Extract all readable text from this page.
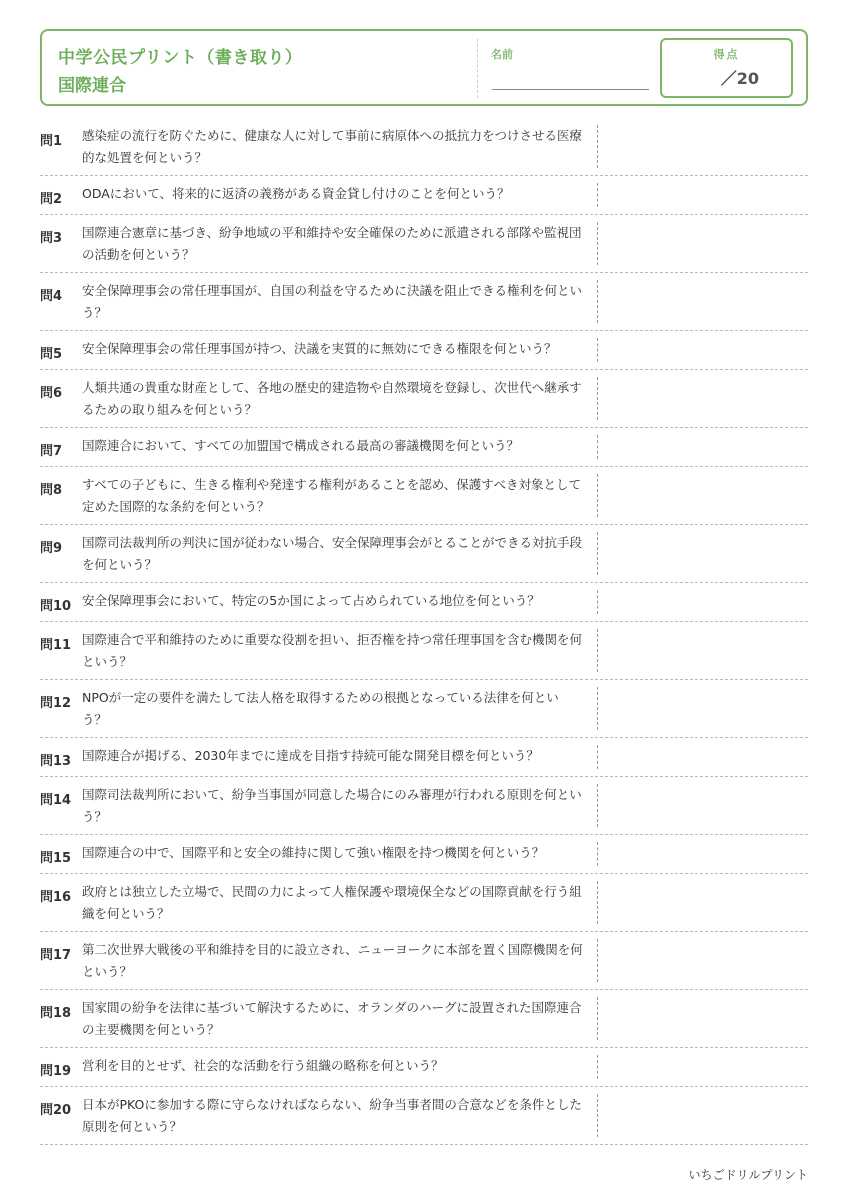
中学公民プリント（書き取り）
国際連合
名前	得点
／20
問1	感染症の流行を防ぐために、健康な人に対して事前に病原体への抵抗力をつけさせる医療的な処置を何という？
問2	ODAにおいて、将来的に返済の義務がある資金貸し付けのことを何という？
問3	国際連合憲章に基づき、紛争地域の平和維持や安全確保のために派遣される部隊や監視団の活動を何という？
問4	安全保障理事会の常任理事国が、自国の利益を守るために決議を阻止できる権利を何という？
問5	安全保障理事会の常任理事国が持つ、決議を実質的に無効にできる権限を何という？
問6	人類共通の貴重な財産として、各地の歴史的建造物や自然環境を登録し、次世代へ継承するための取り組みを何という？
問7	国際連合において、すべての加盟国で構成される最高の審議機関を何という？
問8	すべての子どもに、生きる権利や発達する権利があることを認め、保護すべき対象として定めた国際的な条約を何という？
問9	国際司法裁判所の判決に国が従わない場合、安全保障理事会がとることができる対抗手段を何という？
問10 安全保障理事会において、特定の5か国によって占められている地位を何という？
問11 国際連合で平和維持のために重要な役割を担い、拒否権を持つ常任理事国を含む機関を何という？
問12 NPOが一定の要件を満たして法人格を取得するための根拠となっている法律を何という？
問13 国際連合が掲げる、2030年までに達成を目指す持続可能な開発目標を何という？
問14 国際司法裁判所において、紛争当事国が同意した場合にのみ審理が行われる原則を何という？
問15 国際連合の中で、国際平和と安全の維持に関して強い権限を持つ機関を何という？
問16 政府とは独立した立場で、民間の力によって人権保護や環境保全などの国際貢献を行う組織を何という？
問17 第二次世界大戦後の平和維持を目的に設立され、ニューヨークに本部を置く国際機関を何という？
問18 国家間の紛争を法律に基づいて解決するために、オランダのハーグに設置された国際連合の主要機関を何という？
問19 営利を目的とせず、社会的な活動を行う組織の略称を何という？
問20 日本がPKOに参加する際に守らなければならない、紛争当事者間の合意などを条件とした原則を何という？
いちごドリルプリント
